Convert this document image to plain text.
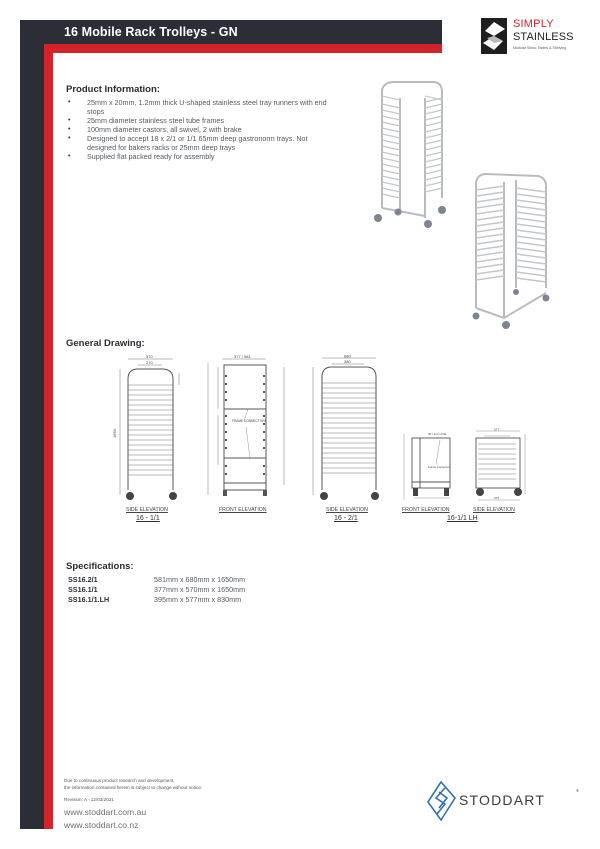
16 Mobile Rack Trolleys - GN
SIMPLY
STAINLESS
Modular Sinks, Tables & Shelving
Product Information:
• 25mm x 20mm, 1.2mm thick U-shaped stainless steel tray runners with end stops
• 25mm diameter stainless steel tube frames
• 100mm diameter castors, all swivel, 2 with brake
• Designed to accept 18 x 2/1 or 1/1 65mm deep gastronorm trays. Not designed for bakers racks or 25mm deep trays
• Supplied flat packed ready for assembly
General Drawing:
570
270
1650
SIDE ELEVATION
16 - 1/1
377 / 581
FRAME CONNECTORS
FRONT ELEVATION
680
380
SIDE ELEVATION
16 - 2/1
90 / 1mm Flat
Frame Connector
FRONT ELEVATION
577
475
SIDE ELEVATION
16-1/1 LH
Specifications:
SS16.2/1	581mm x 680mm x 1650mm
SS16.1/1	377mm x 570mm x 1650mm
SS16.1/1.LH	395mm x 577mm x 830mm
Due to continuous product research and development,
the information contained herein is subject to change without notice.
Revision: A - 12/03/2021
www.stoddart.com.au
www.stoddart.co.nz
STODDART
®
